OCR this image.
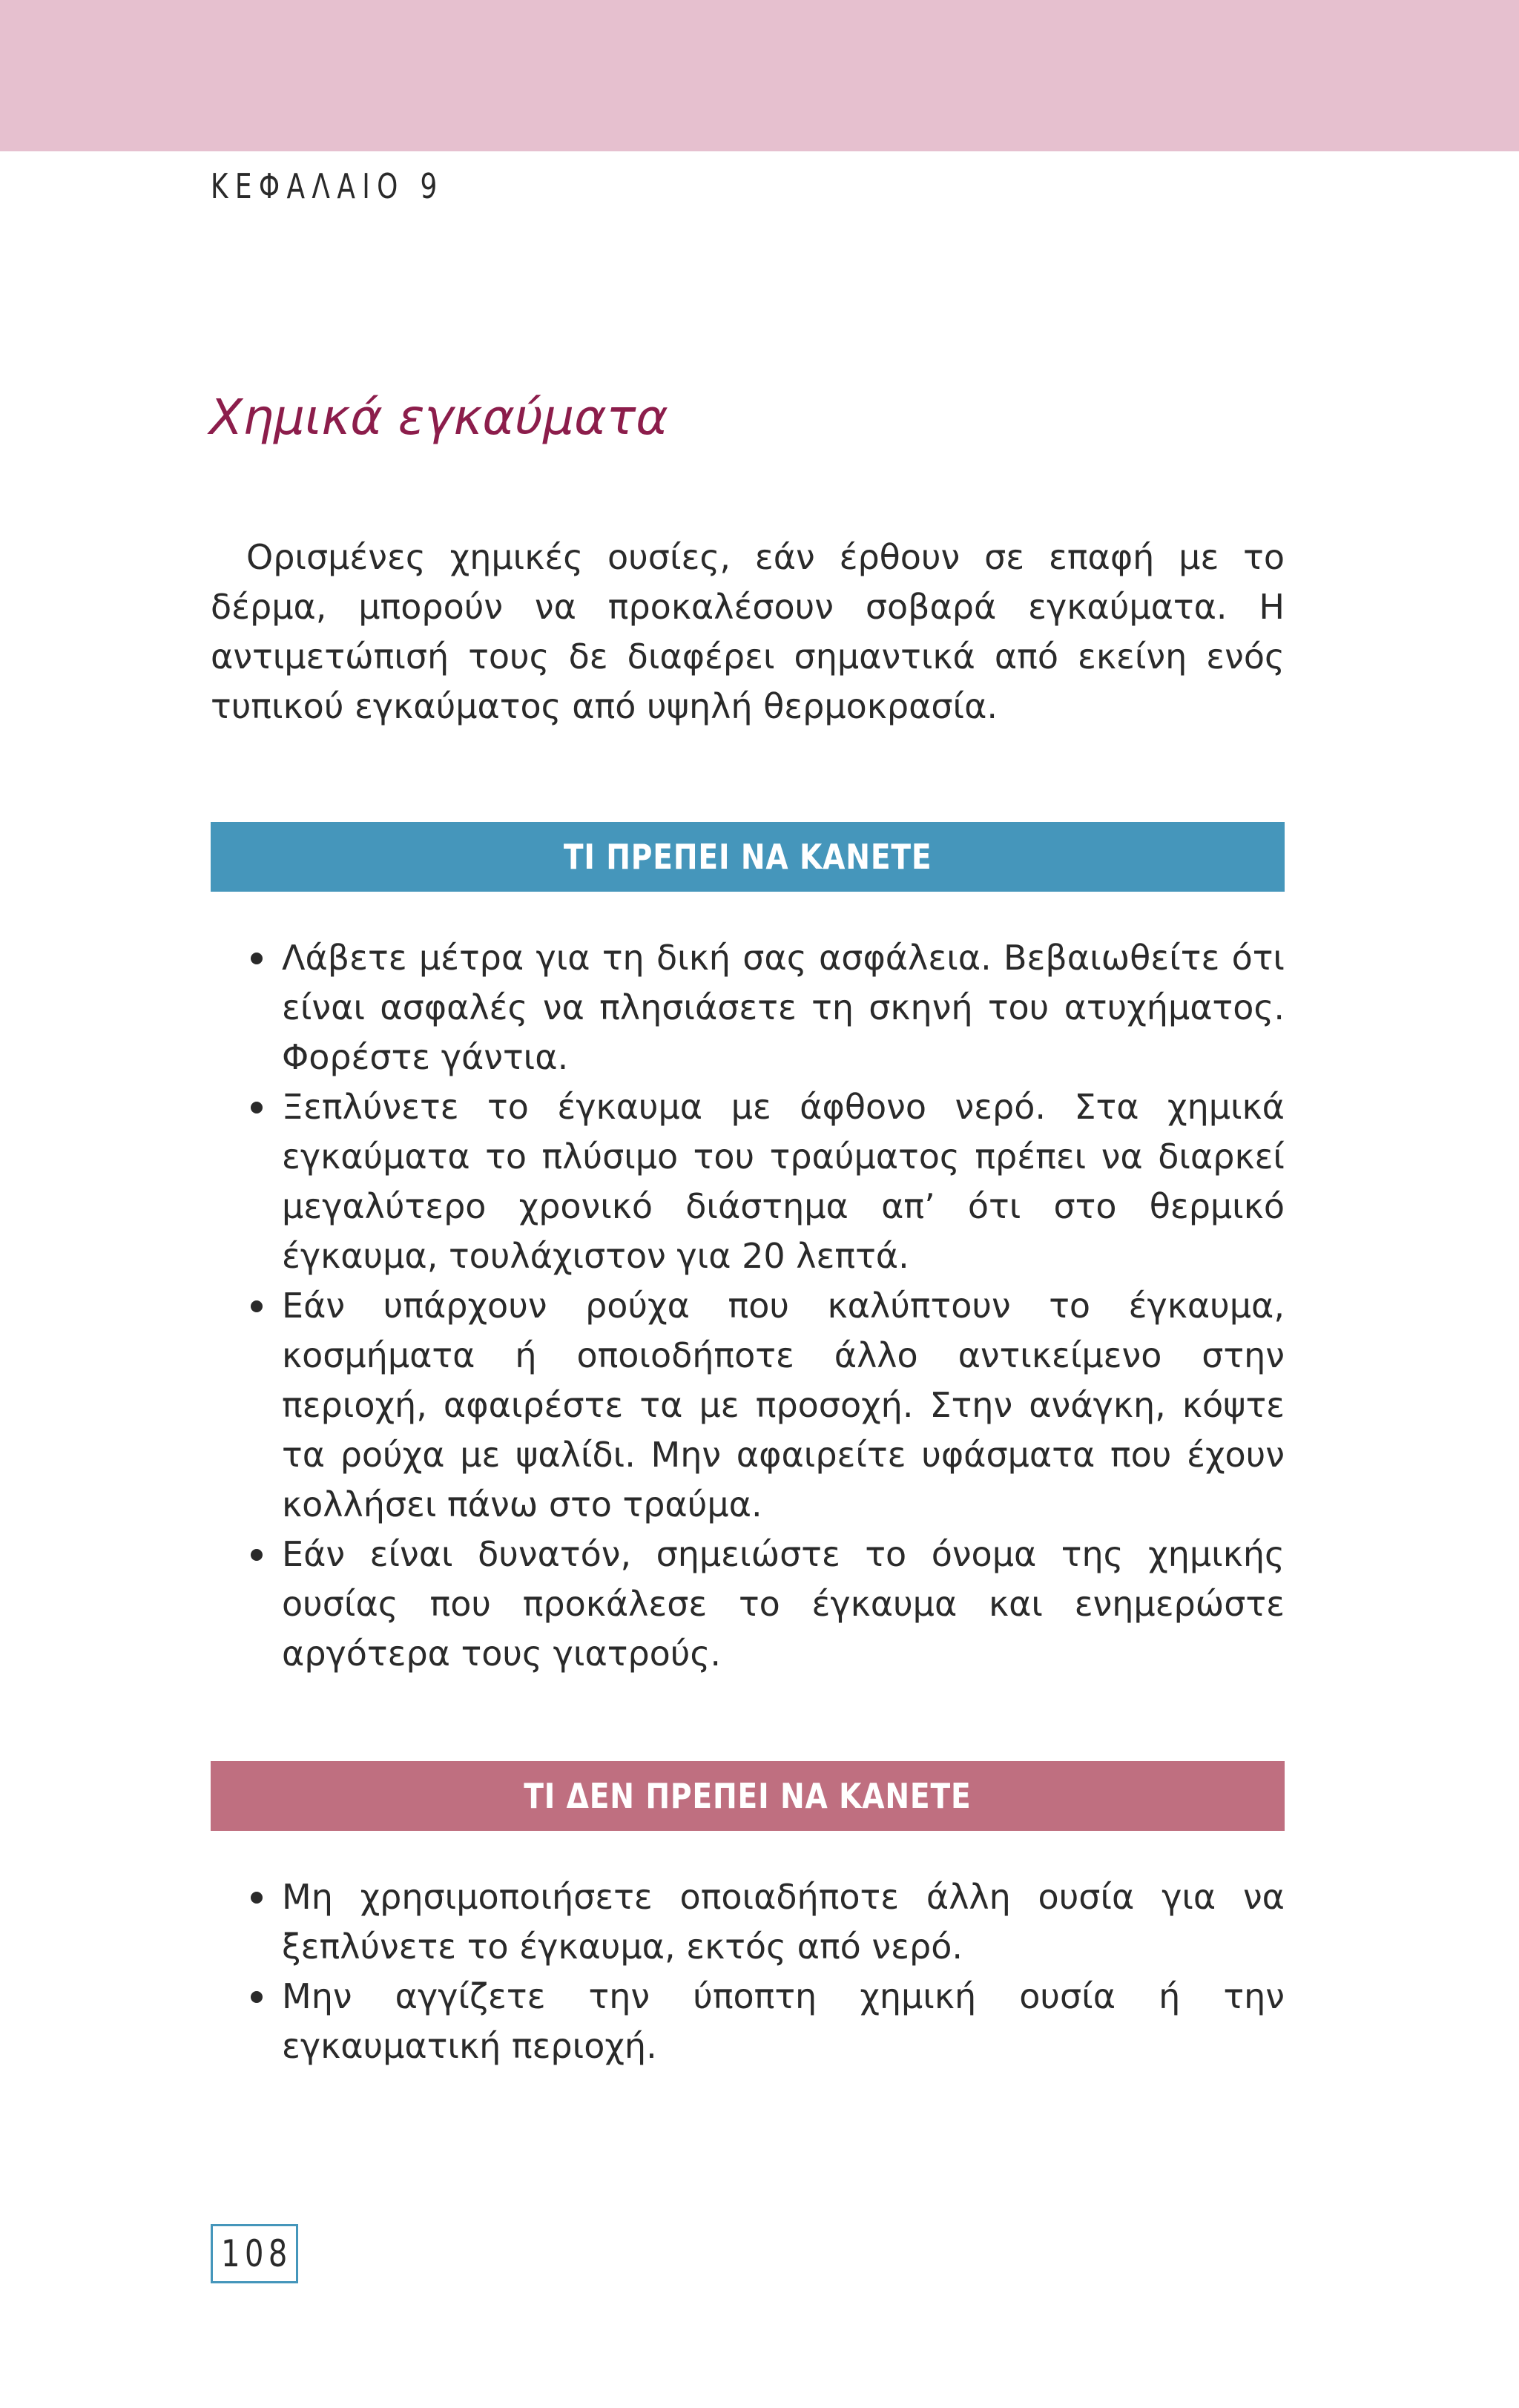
ΚΕΦΑΛΑΙΟ 9
Χημικά εγκαύματα

Ορισμένες χημικές ουσίες, εάν έρθουν σε επαφή με το δέρμα, μπορούν να προκαλέσουν σοβαρά εγκαύματα. Η αντιμετώπισή τους δε διαφέρει σημαντικά από εκείνη ενός τυπικού εγκαύματος από υψηλή θερμοκρασία.

ΤΙ ΠΡΕΠΕΙ ΝΑ ΚΑΝΕΤΕ
Λάβετε μέτρα για τη δική σας ασφάλεια. Βεβαιωθείτε ότι είναι ασφαλές να πλησιάσετε τη σκηνή του ατυχήματος. Φορέστε γάντια.
Ξεπλύνετε το έγκαυμα με άφθονο νερό. Στα χημικά εγκαύματα το πλύσιμο του τραύματος πρέπει να διαρκεί μεγαλύτερο χρονικό διάστημα απ’ ότι στο θερμικό έγκαυμα, τουλάχιστον για 20 λεπτά.
Εάν υπάρχουν ρούχα που καλύπτουν το έγκαυμα, κοσμήματα ή οποιοδήποτε άλλο αντικείμενο στην περιοχή, αφαιρέστε τα με προσοχή. Στην ανάγκη, κόψτε τα ρούχα με ψαλίδι. Μην αφαιρείτε υφάσματα που έχουν κολλήσει πάνω στο τραύμα.
Εάν είναι δυνατόν, σημειώστε το όνομα της χημικής ουσίας που προκάλεσε το έγκαυμα και ενημερώστε αργότερα τους γιατρούς.
ΤΙ ΔΕΝ ΠΡΕΠΕΙ ΝΑ ΚΑΝΕΤΕ
Μη χρησιμοποιήσετε οποιαδήποτε άλλη ουσία για να ξεπλύνετε το έγκαυμα, εκτός από νερό.
Μην αγγίζετε την ύποπτη χημική ουσία ή την εγκαυματική περιοχή.
108
